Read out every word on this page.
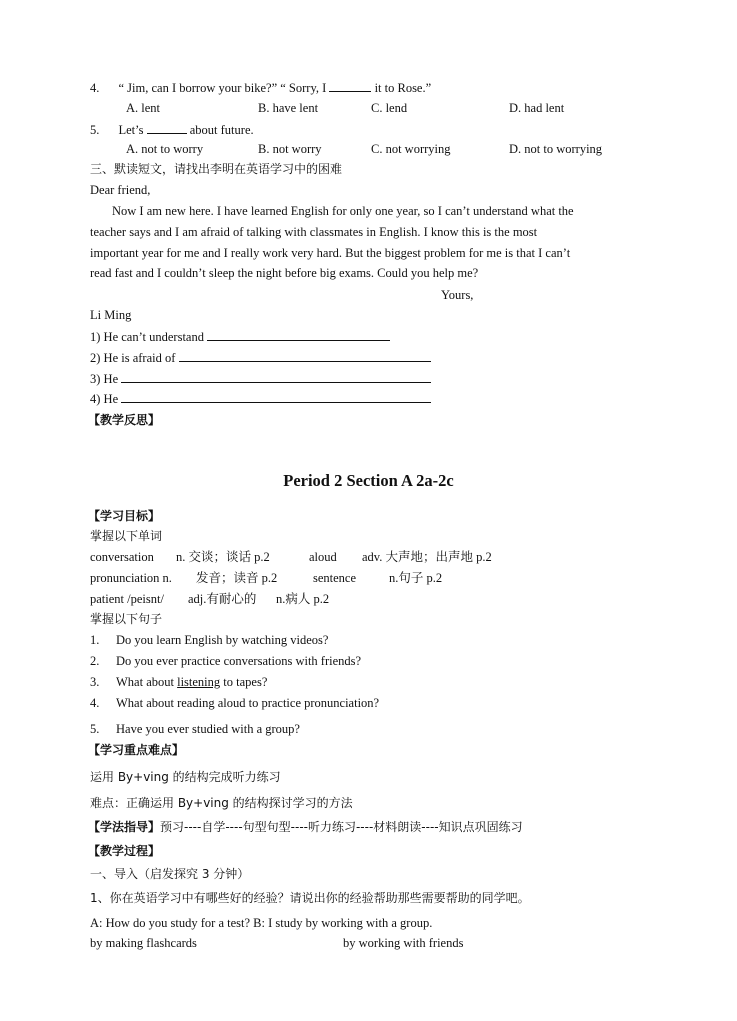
4. “ Jim, can I borrow your bike?” “ Sorry, I	it to Rose.”
A. lent	B. have lent	C. lend	D. had lent
5. Let’s	about future.
A. not to worry	B. not worry	C. not worrying	D. not to worrying
三、默读短文，请找出李明在英语学习中的困难
Dear friend,
Now I am new here. I have learned English for only one year, so I can’t understand what the
teacher says and I am afraid of talking with classmates in English. I know this is the most
important year for me and I really work very hard. But the biggest problem for me is that I can’t
read fast and I couldn’t sleep the night before big exams. Could you help me?
Yours,
Li Ming
1) He can’t understand
2) He is afraid of
3) He
4) He
【教学反思】
Period 2 Section A 2a-2c
【学习目标】
掌握以下单词
conversation n. 交谈；谈话 p.2	aloud adv. 大声地；出声地 p.2
pronunciation n. 发音；读音 p.2	sentence	n.句子 p.2
patient /peisnt/ adj.有耐心的 n.病人 p.2
掌握以下句子
1. Do you learn English by watching videos?
2. Do you ever practice conversations with friends?
3. What about listening to tapes?
4. What about reading aloud to practice pronunciation?
5. Have you ever studied with a group?
【学习重点难点】
运用 By+ving 的结构完成听力练习
难点：正确运用 By+ving 的结构探讨学习的方法
【学法指导】预习----自学----句型句型----听力练习----材料朗读----知识点巩固练习
【教学过程】
一、导入（启发探究 3 分钟）
1、你在英语学习中有哪些好的经验？请说出你的经验帮助那些需要帮助的同学吧。
A: How do you study for a test? B: I study by working with a group.
by making flashcards	by working with friends
